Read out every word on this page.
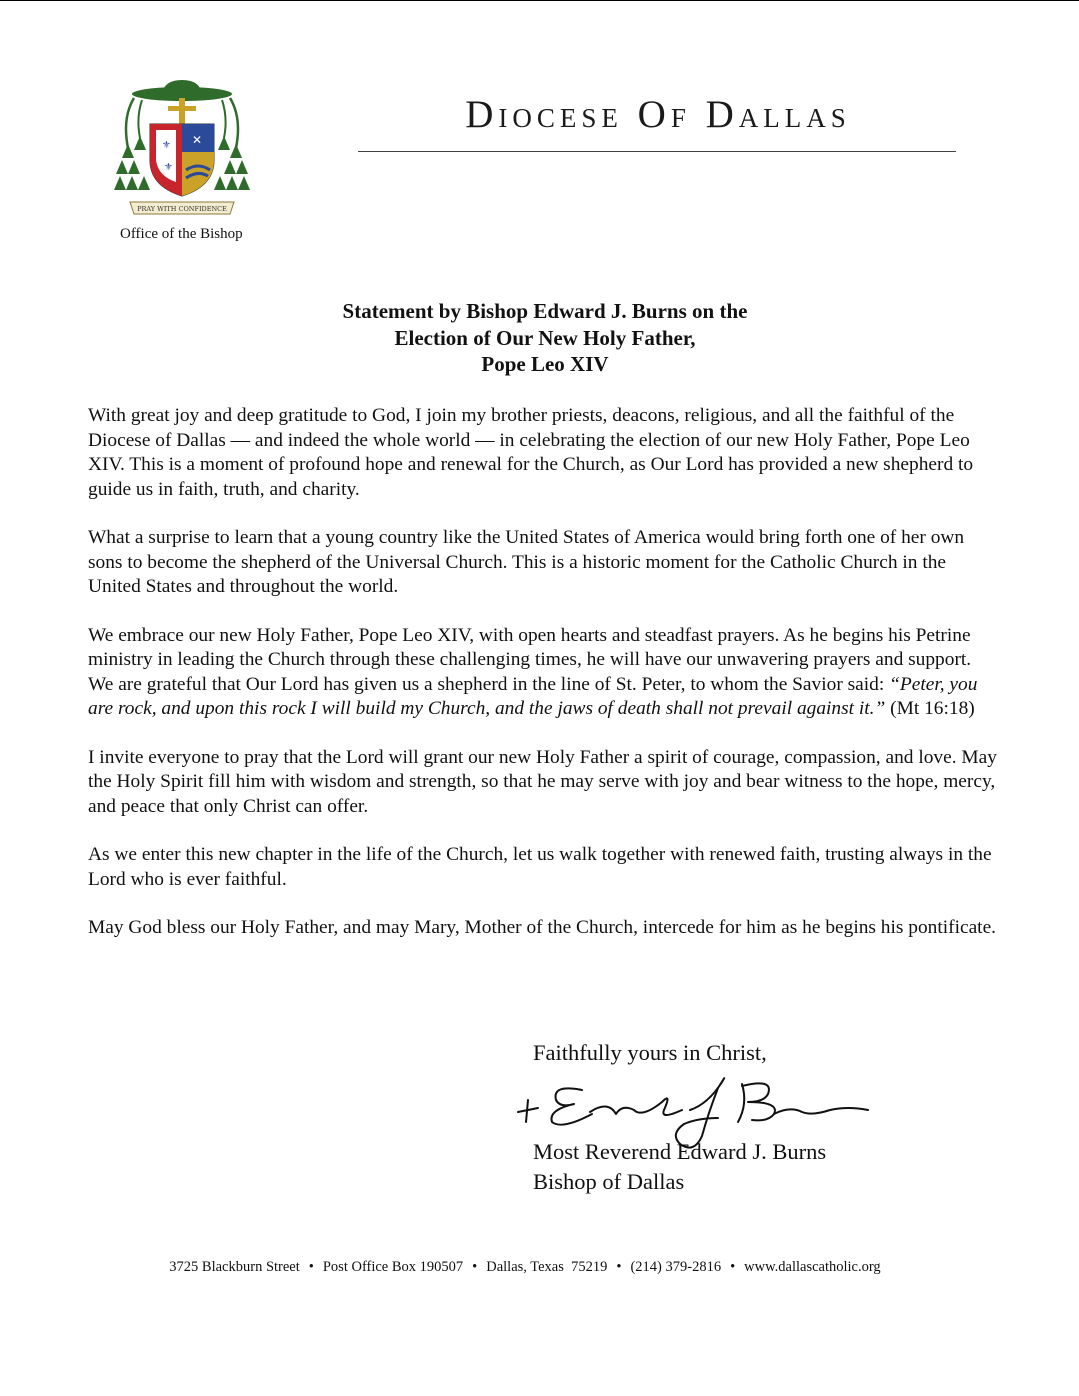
⚜
⚜
✕
PRAY WITH CONFIDENCE
Office of the Bishop
Diocese Of Dallas
Statement by Bishop Edward J. Burns on the
Election of Our New Holy Father,
Pope Leo XIV

With great joy and deep gratitude to God, I join my brother priests, deacons, religious, and all the faithful of the Diocese of Dallas — and indeed the whole world — in celebrating the election of our new Holy Father, Pope Leo XIV. This is a moment of profound hope and renewal for the Church, as Our Lord has provided a new shepherd to guide us in faith, truth, and charity.

What a surprise to learn that a young country like the United States of America would bring forth one of her own sons to become the shepherd of the Universal Church. This is a historic moment for the Catholic Church in the United States and throughout the world.

We embrace our new Holy Father, Pope Leo XIV, with open hearts and steadfast prayers. As he begins his Petrine ministry in leading the Church through these challenging times, he will have our unwavering prayers and support. We are grateful that Our Lord has given us a shepherd in the line of St. Peter, to whom the Savior said: “Peter, you are rock, and upon this rock I will build my Church, and the jaws of death shall not prevail against it.” (Mt 16:18)

I invite everyone to pray that the Lord will grant our new Holy Father a spirit of courage, compassion, and love. May the Holy Spirit fill him with wisdom and strength, so that he may serve with joy and bear witness to the hope, mercy, and peace that only Christ can offer.

As we enter this new chapter in the life of the Church, let us walk together with renewed faith, trusting always in the Lord who is ever faithful.

May God bless our Holy Father, and may Mary, Mother of the Church, intercede for him as he begins his pontificate.

Faithfully yours in Christ,
Most Reverend Edward J. Burns
Bishop of Dallas
3725 Blackburn Street • Post Office Box 190507 • Dallas, Texas  75219 • (214) 379-2816 • www.dallascatholic.org
